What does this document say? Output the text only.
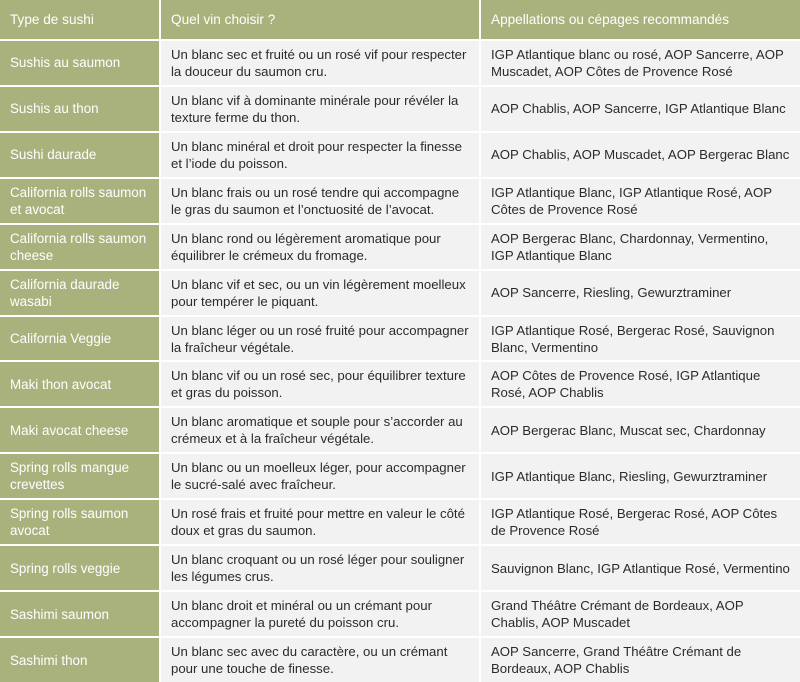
Type de sushi	Quel vin choisir ?	Appellations ou cépages recommandés
Sushis au saumon
Un blanc sec et fruité ou un rosé vif pour respecter la douceur du saumon cru.
IGP Atlantique blanc ou rosé, AOP Sancerre, AOP Muscadet, AOP Côtes de Provence Rosé
Sushis au thon
Un blanc vif à dominante minérale pour révéler la texture ferme du thon.
AOP Chablis, AOP Sancerre, IGP Atlantique Blanc
Sushi daurade
Un blanc minéral et droit pour respecter la finesse et l’iode du poisson.
AOP Chablis, AOP Muscadet, AOP Bergerac Blanc
California rolls saumon et avocat
Un blanc frais ou un rosé tendre qui accompagne le gras du saumon et l’onctuosité de l’avocat.
IGP Atlantique Blanc, IGP Atlantique Rosé, AOP Côtes de Provence Rosé
California rolls saumon cheese
Un blanc rond ou légèrement aromatique pour équilibrer le crémeux du fromage.
AOP Bergerac Blanc, Chardonnay, Vermentino, IGP Atlantique Blanc
California daurade wasabi
Un blanc vif et sec, ou un vin légèrement moelleux pour tempérer le piquant.
AOP Sancerre, Riesling, Gewurztraminer
California Veggie
Un blanc léger ou un rosé fruité pour accompagner la fraîcheur végétale.
IGP Atlantique Rosé, Bergerac Rosé, Sauvignon Blanc, Vermentino
Maki thon avocat
Un blanc vif ou un rosé sec, pour équilibrer texture et gras du poisson.
AOP Côtes de Provence Rosé, IGP Atlantique Rosé, AOP Chablis
Maki avocat cheese
Un blanc aromatique et souple pour s’accorder au crémeux et à la fraîcheur végétale.
AOP Bergerac Blanc, Muscat sec, Chardonnay
Spring rolls mangue crevettes
Un blanc ou un moelleux léger, pour accompagner le sucré-salé avec fraîcheur.
IGP Atlantique Blanc, Riesling, Gewurztraminer
Spring rolls saumon avocat
Un rosé frais et fruité pour mettre en valeur le côté doux et gras du saumon.
IGP Atlantique Rosé, Bergerac Rosé, AOP Côtes de Provence Rosé
Spring rolls veggie
Un blanc croquant ou un rosé léger pour souligner les légumes crus.
Sauvignon Blanc, IGP Atlantique Rosé, Vermentino
Sashimi saumon
Un blanc droit et minéral ou un crémant pour accompagner la pureté du poisson cru.
Grand Théâtre Crémant de Bordeaux, AOP Chablis, AOP Muscadet
Sashimi thon
Un blanc sec avec du caractère, ou un crémant pour une touche de finesse.
AOP Sancerre, Grand Théâtre Crémant de Bordeaux, AOP Chablis
